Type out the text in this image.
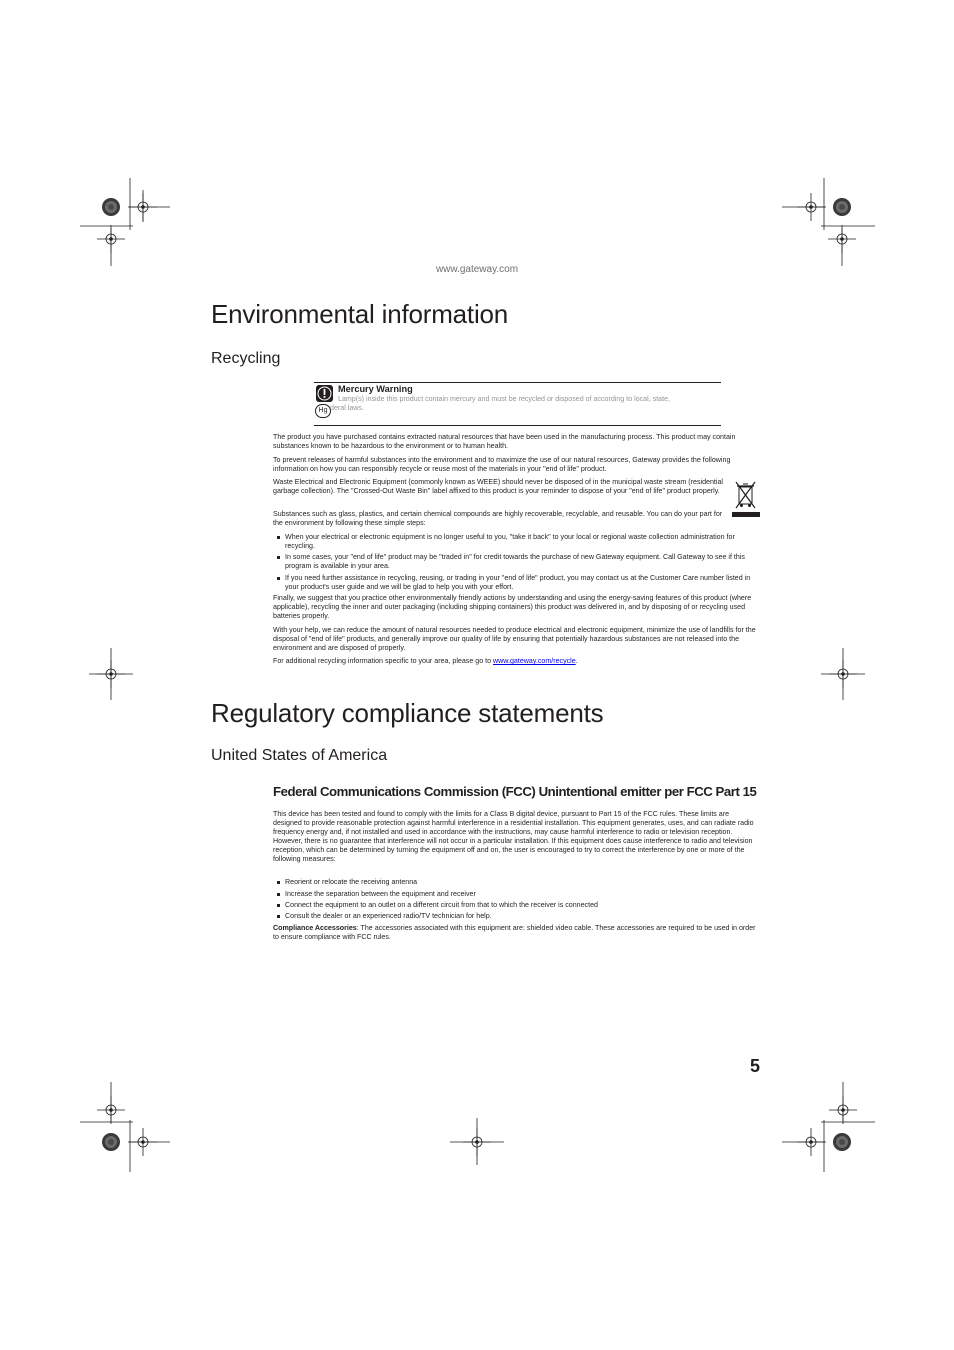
www.gateway.com
Environmental information
Recycling
Hg
Mercury Warning
Lamp(s) inside this product contain mercury and must be recycled or disposed of according to local, state,
deral laws.

The product you have purchased contains extracted natural resources that have been used in the manufacturing process. This product may contain substances known to be hazardous to the environment or to human health.

To prevent releases of harmful substances into the environment and to maximize the use of our natural resources, Gateway provides the following information on how you can responsibly recycle or reuse most of the materials in your "end of life" product.

Waste Electrical and Electronic Equipment (commonly known as WEEE) should never be disposed of in the municipal waste stream (residential garbage collection). The "Crossed-Out Waste Bin" label affixed to this product is your reminder to dispose of your "end of life" product properly.

Substances such as glass, plastics, and certain chemical compounds are highly recoverable, recyclable, and reusable. You can do your part for the environment by following these simple steps:

When your electrical or electronic equipment is no longer useful to you, "take it back" to your local or regional waste collection administration for recycling.
In some cases, your "end of life" product may be "traded in" for credit towards the purchase of new Gateway equipment. Call Gateway to see if this program is available in your area.
If you need further assistance in recycling, reusing, or trading in your "end of life" product, you may contact us at the Customer Care number listed in your product's user guide and we will be glad to help you with your effort.

Finally, we suggest that you practice other environmentally friendly actions by understanding and using the energy-saving features of this product (where applicable), recycling the inner and outer packaging (including shipping containers) this product was delivered in, and by disposing of or recycling used batteries properly.

With your help, we can reduce the amount of natural resources needed to produce electrical and electronic equipment, minimize the use of landfills for the disposal of "end of life" products, and generally improve our quality of life by ensuring that potentially hazardous substances are not released into the environment and are disposed of properly.

For additional recycling information specific to your area, please go to www.gateway.com/recycle.

Regulatory compliance statements
United States of America
Federal Communications Commission (FCC) Unintentional emitter per FCC Part 15

This device has been tested and found to comply with the limits for a Class B digital device, pursuant to Part 15 of the FCC rules. These limits are designed to provide reasonable protection against harmful interference in a residential installation. This equipment generates, uses, and can radiate radio frequency energy and, if not installed and used in accordance with the instructions, may cause harmful interference to radio or television reception. However, there is no guarantee that interference will not occur in a particular installation. If this equipment does cause interference to radio and television reception, which can be determined by turning the equipment off and on, the user is encouraged to try to correct the interference by one or more of the following measures:

Reorient or relocate the receiving antenna
Increase the separation between the equipment and receiver
Connect the equipment to an outlet on a different circuit from that to which the receiver is connected
Consult the dealer or an experienced radio/TV technician for help.

Compliance Accessories: The accessories associated with this equipment are: shielded video cable. These accessories are required to be used in order to ensure compliance with FCC rules.

5
